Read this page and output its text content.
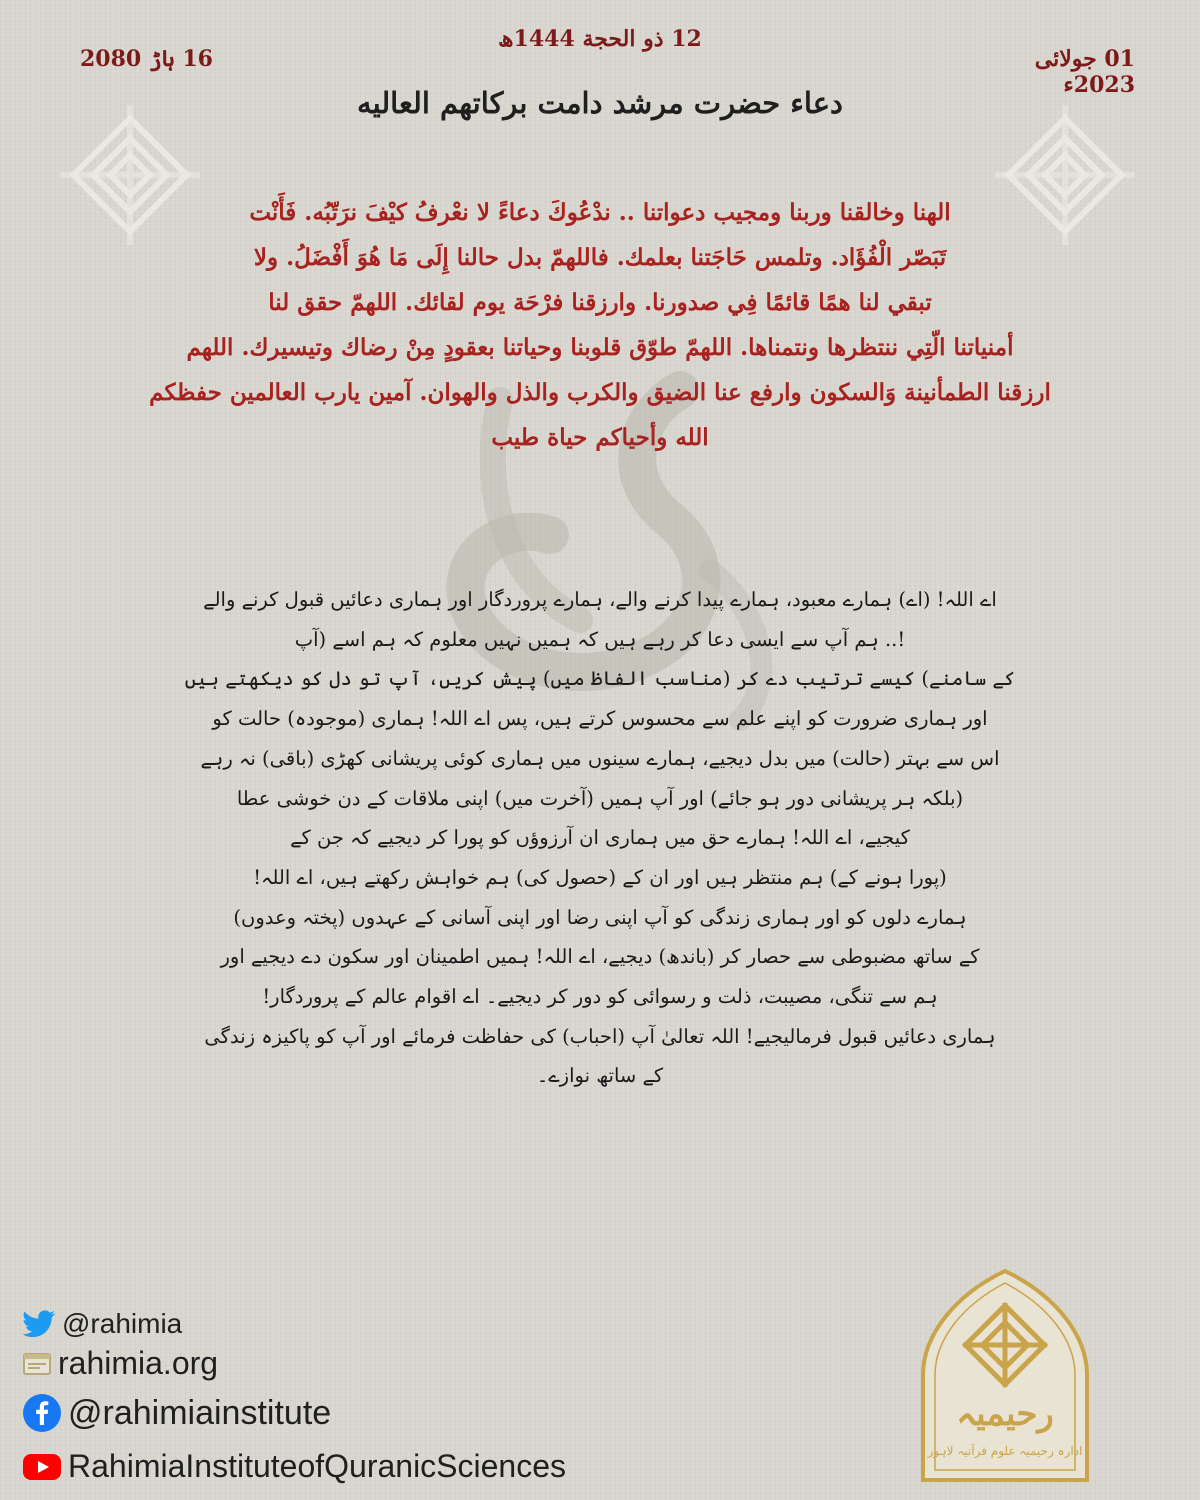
01 جولائی 2023ء
12 ذو الحجة 1444ھ
16 ہاڑ 2080
دعاء حضرت مرشد دامت برکاتهم العالیه
الهنا وخالقنا وربنا ومجيب دعواتنا .. ندْعُوكَ دعاءً لا نعْرفُ كيْفَ نرَتّبُه. فَأَنْت
تَبَصّر الْفُؤَاد. وتلمس حَاجَتنا بعلمك. فاللهمّ بدل حالنا إِلَى مَا هُوَ أَفْضَلُ. ولا
تبقي لنا همًا قائمًا فِي صدورنا. وارزقنا فرْحَة يوم لقائك. اللهمّ حقق لنا
أمنياتنا الّتِي ننتظرها ونتمناها. اللهمّ طوّق قلوبنا وحياتنا بعقودٍ مِنْ رضاك وتيسيرك. اللهم
ارزقنا الطمأنينة وَالسكون وارفع عنا الضيق والكرب والذل والهوان. آمين يارب العالمين حفظكم
الله وأحياكم حياة طيب
اے اللہ! (اے) ہمارے معبود، ہمارے پیدا کرنے والے، ہمارے پروردگار اور ہماری دعائیں قبول کرنے والے
!.. ہم آپ سے ایسی دعا کر رہے ہیں کہ ہمیں نہیں معلوم کہ ہم اسے (آپ
کے سامنے) کیسے ترتیب دے کر (مناسب الفاظ میں) پیش کریں، آپ تو دل کو دیکھتے ہیں
اور ہماری ضرورت کو اپنے علم سے محسوس کرتے ہیں، پس اے اللہ! ہماری (موجودہ) حالت کو
اس سے بہتر (حالت) میں بدل دیجیے، ہمارے سینوں میں ہماری کوئی پریشانی کھڑی (باقی) نہ رہے
(بلکہ ہر پریشانی دور ہو جائے) اور آپ ہمیں (آخرت میں) اپنی ملاقات کے دن خوشی عطا
کیجیے، اے اللہ! ہمارے حق میں ہماری ان آرزوؤں کو پورا کر دیجیے کہ جن کے
(پورا ہونے کے) ہم منتظر ہیں اور ان کے (حصول کی) ہم خواہش رکھتے ہیں، اے اللہ!
ہمارے دلوں کو اور ہماری زندگی کو آپ اپنی رضا اور اپنی آسانی کے عہدوں (پختہ وعدوں)
کے ساتھ مضبوطی سے حصار کر (باندھ) دیجیے، اے اللہ! ہمیں اطمینان اور سکون دے دیجیے اور
ہم سے تنگی، مصیبت، ذلت و رسوائی کو دور کر دیجیے۔ اے اقوام عالم کے پروردگار!
ہماری دعائیں قبول فرمالیجیے! اللہ تعالیٰ آپ (احباب) کی حفاظت فرمائے اور آپ کو پاکیزہ زندگی
کے ساتھ نوازے۔
@rahimia
rahimia.org
@rahimiainstitute
RahimiaInstituteofQuranicSciences
رحیمیہ
ادارہ رحیمیہ علوم قرآنیہ لاہور
